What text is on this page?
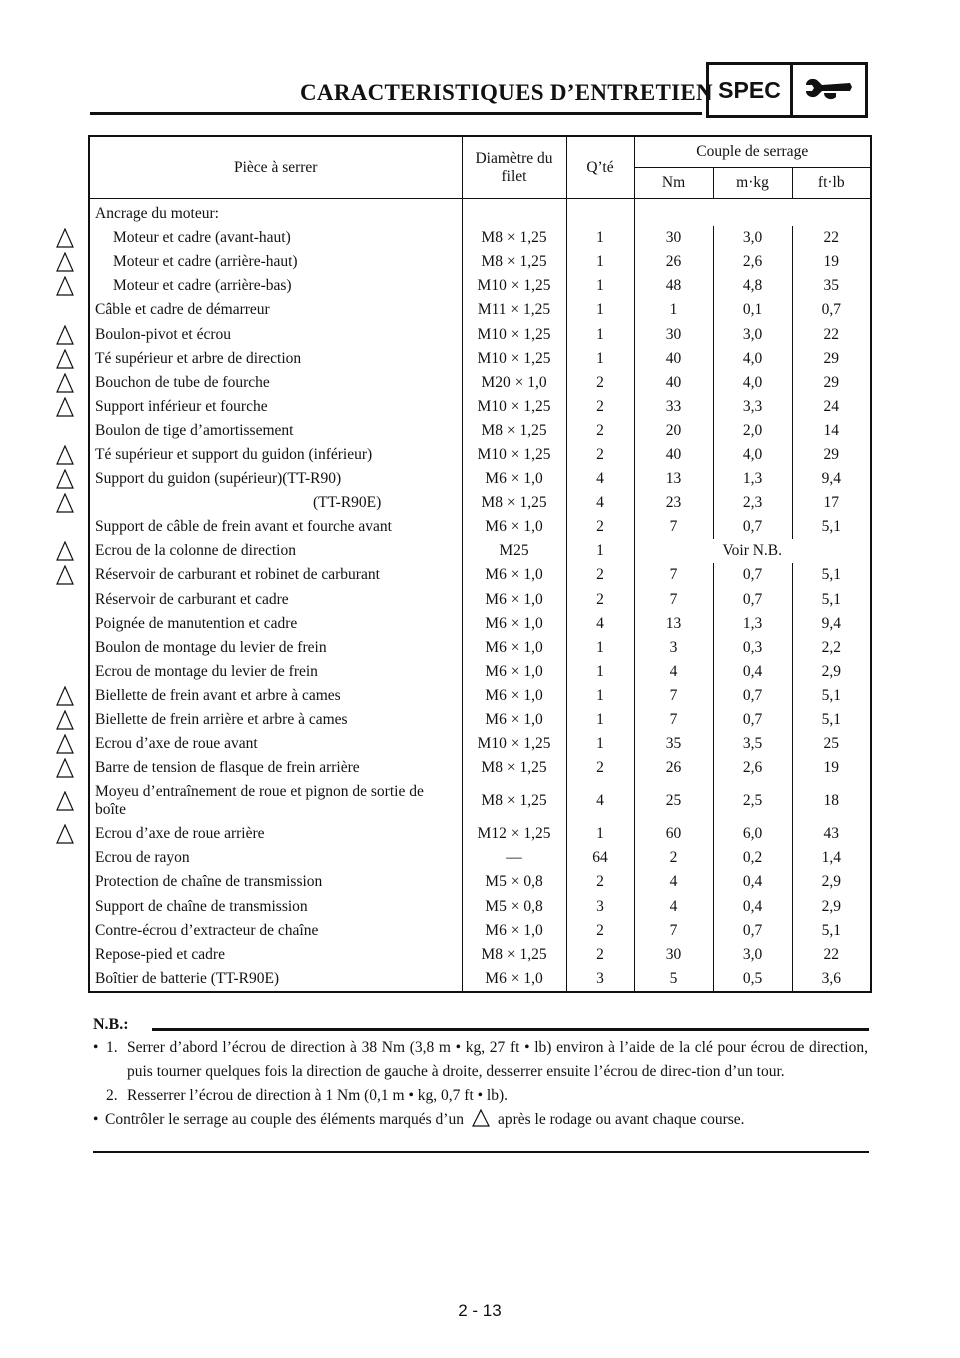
CARACTERISTIQUES D’ENTRETIEN SPEC
Pièce à serrer	Diamètre du filet	Q’té	Couple de serrage		
			Nm	m·kg	ft·lb
Ancrage du moteur:					

Moteur et cadre (avant-haut)	M8 × 1,25	1	30	3,0	22

Moteur et cadre (arrière-haut)	M8 × 1,25	1	26	2,6	19

Moteur et cadre (arrière-bas)	M10 × 1,25	1	48	4,8	35
Câble et cadre de démarreur	M11 × 1,25	1	1	0,1	0,7

Boulon-pivot et écrou	M10 × 1,25	1	30	3,0	22

Té supérieur et arbre de direction	M10 × 1,25	1	40	4,0	29

Bouchon de tube de fourche	M20 × 1,0	2	40	4,0	29

Support inférieur et fourche	M10 × 1,25	2	33	3,3	24
Boulon de tige d’amortissement	M8 × 1,25	2	20	2,0	14

Té supérieur et support du guidon (inférieur)	M10 × 1,25	2	40	4,0	29

Support du guidon (supérieur)(TT-R90)	M6 × 1,0	4	13	1,3	9,4

(TT-R90E)	M8 × 1,25	4	23	2,3	17
Support de câble de frein avant et fourche avant	M6 × 1,0	2	7	0,7	5,1

Ecrou de la colonne de direction	M25	1	Voir N.B.		

Réservoir de carburant et robinet de carburant	M6 × 1,0	2	7	0,7	5,1
Réservoir de carburant et cadre	M6 × 1,0	2	7	0,7	5,1
Poignée de manutention et cadre	M6 × 1,0	4	13	1,3	9,4
Boulon de montage du levier de frein	M6 × 1,0	1	3	0,3	2,2
Ecrou de montage du levier de frein	M6 × 1,0	1	4	0,4	2,9

Biellette de frein avant et arbre à cames	M6 × 1,0	1	7	0,7	5,1

Biellette de frein arrière et arbre à cames	M6 × 1,0	1	7	0,7	5,1

Ecrou d’axe de roue avant	M10 × 1,25	1	35	3,5	25

Barre de tension de flasque de frein arrière	M8 × 1,25	2	26	2,6	19

Moyeu d’entraînement de roue et pignon de sortie de boîte	M8 × 1,25	4	25	2,5	18

Ecrou d’axe de roue arrière	M12 × 1,25	1	60	6,0	43
Ecrou de rayon	—	64	2	0,2	1,4
Protection de chaîne de transmission	M5 × 0,8	2	4	0,4	2,9
Support de chaîne de transmission	M5 × 0,8	3	4	0,4	2,9
Contre-écrou d’extracteur de chaîne	M6 × 1,0	2	7	0,7	5,1
Repose-pied et cadre	M8 × 1,25	2	30	3,0	22
Boîtier de batterie (TT-R90E)	M6 × 1,0	3	5	0,5	3,6
N.B.:
• 1. Serrer d’abord l’écrou de direction à 38 Nm (3,8 m • kg, 27 ft • lb) environ à l’aide de la clé pour écrou de direction, puis tourner quelques fois la direction de gauche à droite, desserrer ensuite l’écrou de direc-tion d’un tour.
2. Resserrer l’écrou de direction à 1 Nm (0,1 m • kg, 0,7 ft • lb).
• Contrôler le serrage au couple des éléments marqués d’un après le rodage ou avant chaque course.
2 - 13
